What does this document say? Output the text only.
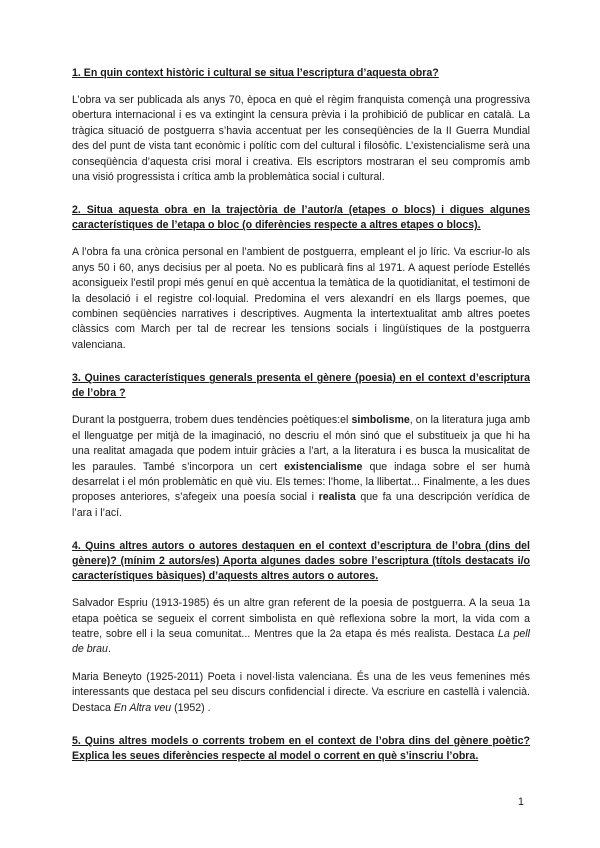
1. En quin context històric i cultural se situa l’escriptura d’aquesta obra?
L’obra va ser publicada als anys 70, època en què el règim franquista començà una progressiva obertura internacional i es va extingint la censura prèvia i la prohibició de publicar en català. La tràgica situació de postguerra s’havia accentuat per les conseqüències de la II Guerra Mundial des del punt de vista tant econòmic i polític com del cultural i filosòfic. L’existencialisme serà una conseqüència d’aquesta crisi moral i creativa. Els escriptors mostraran el seu compromís amb una visió progressista i crítica amb la problemàtica social i cultural.
2. Situa aquesta obra en la trajectòria de l’autor/a (etapes o blocs) i digues algunes característiques de l’etapa o bloc (o diferències respecte a altres etapes o blocs).
A l’obra fa una crònica personal en l’ambient de postguerra, empleant el jo líric. Va escriur-lo als anys 50 i 60, anys decisius per al poeta. No es publicarà fins al 1971. A aquest període Estellés aconsigueix l’estil propi més genuí en què accentua la temàtica de la quotidianitat, el testimoni de la desolació i el registre col·loquial. Predomina el vers alexandrí en els llargs poemes, que combinen seqüències narratives i descriptives. Augmenta la intertextualitat amb altres poetes clàssics com March per tal de recrear les tensions socials i lingüístiques de la postguerra valenciana.
3. Quines característiques generals presenta el gènere (poesia) en el context d’escriptura de l’obra ?
Durant la postguerra, trobem dues tendències poètiques:el simbolisme, on la literatura juga amb el llenguatge per mitjà de la imaginació, no descriu el món sinó que el substitueix ja que hi ha una realitat amagada que podem intuir gràcies a l’art, a la literatura i es busca la musicalitat de les paraules. També s’incorpora un cert existencialisme que indaga sobre el ser humà desarrelat i el món problemàtic en què viu. Els temes: l’home, la llibertat... Finalmente, a les dues proposes anteriores, s’afegeix una poesía social i realista que fa una descripción verídica de l’ara i l’ací.
4. Quins altres autors o autores destaquen en el context d’escriptura de l’obra (dins del gènere)? (mínim 2 autors/es) Aporta algunes dades sobre l’escriptura (títols destacats i/o característiques bàsiques) d’aquests altres autors o autores.
Salvador Espriu (1913-1985) és un altre gran referent de la poesia de postguerra. A la seua 1a etapa poètica se segueix el corrent simbolista en què reflexiona sobre la mort, la vida com a teatre, sobre ell i la seua comunitat... Mentres que la 2a etapa és més realista. Destaca La pell de brau.
Maria Beneyto (1925-2011) Poeta i novel·lista valenciana. És una de les veus femenines més interessants que destaca pel seu discurs confidencial i directe. Va escriure en castellà i valencià. Destaca En Altra veu (1952) .
5. Quins altres models o corrents trobem en el context de l’obra dins del gènere poètic? Explica les seues diferències respecte al model o corrent en què s’inscriu l’obra.
1
